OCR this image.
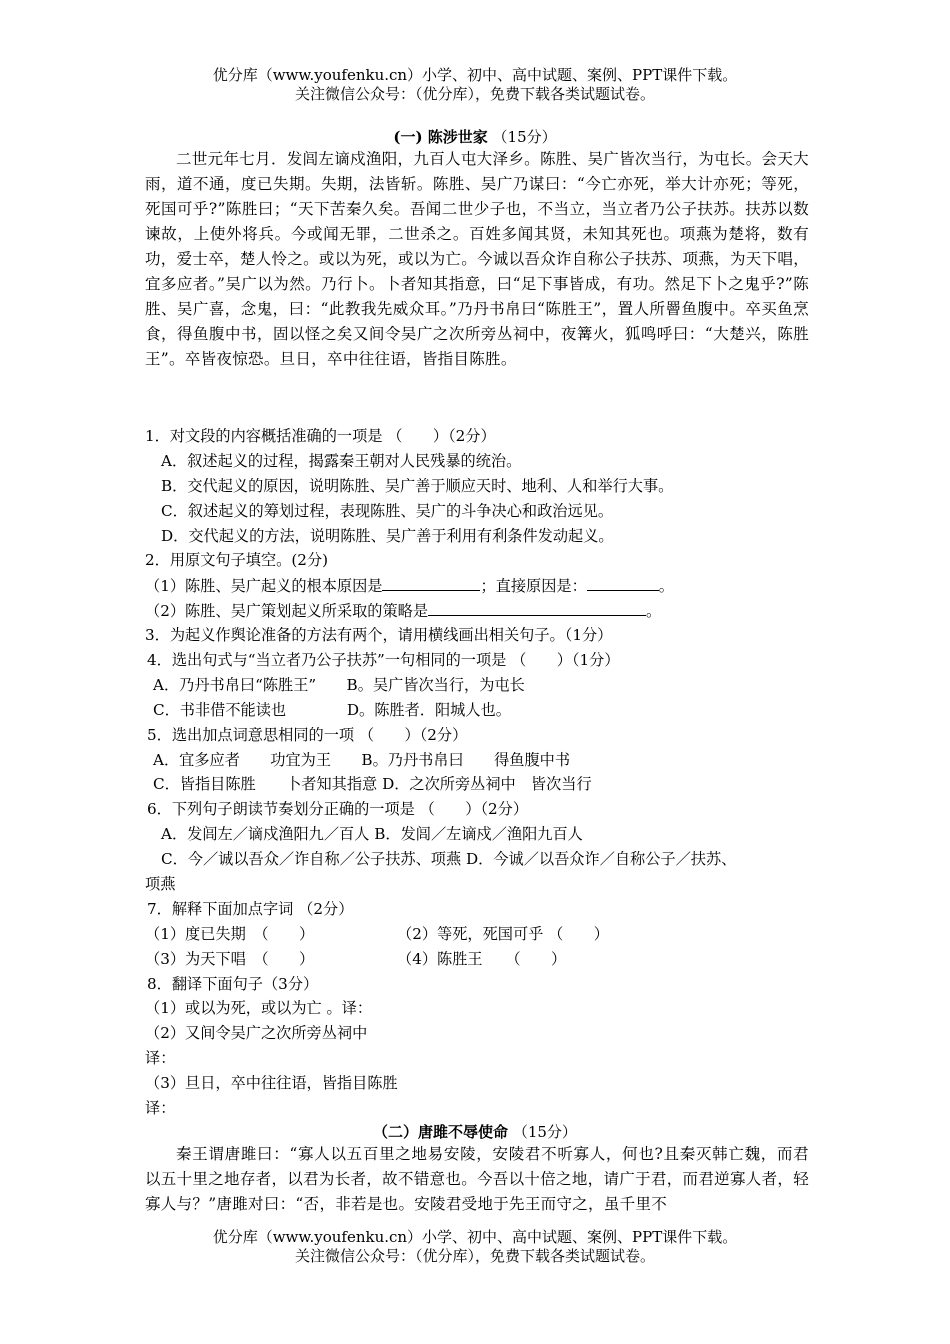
优分库（www.youfenku.cn）小学、初中、高中试题、案例、PPT课件下载。
关注微信公众号：（优分库），免费下载各类试题试卷。
(一) 陈涉世家 （15分）
二世元年七月．发闾左谪戍渔阳，九百人屯大泽乡。陈胜、吴广皆次当行，为屯长。会天大雨，道不通，度已失期。失期，法皆斩。陈胜、吴广乃谋曰：“今亡亦死，举大计亦死；等死，死国可乎?”陈胜曰；“天下苦秦久矣。吾闻二世少子也，不当立，当立者乃公子扶苏。扶苏以数谏故，上使外将兵。今或闻无罪，二世杀之。百姓多闻其贤，未知其死也。项燕为楚将，数有功，爱士卒，楚人怜之。或以为死，或以为亡。今诚以吾众诈自称公子扶苏、项燕，为天下唱，宜多应者。”吴广以为然。乃行卜。卜者知其指意，曰“足下事皆成，有功。然足下卜之鬼乎?”陈胜、吴广喜，念鬼，曰：“此教我先威众耳。”乃丹书帛曰“陈胜王”，置人所罾鱼腹中。卒买鱼烹食，得鱼腹中书，固以怪之矣又间令吴广之次所旁丛祠中，夜篝火，狐鸣呼曰：“大楚兴，陈胜王”。卒皆夜惊恐。旦日，卒中往往语，皆指目陈胜。
1．对文段的内容概括准确的一项是 （　　）（2分）
A．叙述起义的过程，揭露秦王朝对人民残暴的统治。
B．交代起义的原因，说明陈胜、吴广善于顺应天时、地利、人和举行大事。
C．叙述起义的筹划过程，表现陈胜、吴广的斗争决心和政治远见。
D．交代起义的方法，说明陈胜、吴广善于利用有利条件发动起义。
2．用原文句子填空。(2分)
（1）陈胜、吴广起义的根本原因是	；直接原因是：	。
（2）陈胜、吴广策划起义所采取的策略是	。
3．为起义作舆论准备的方法有两个，请用横线画出相关句子。（1分）
4．选出句式与“当立者乃公子扶苏”一句相同的一项是 （　　）（1分）
A．乃丹书帛曰“陈胜王”　　B。吴广皆次当行，为屯长
C．书非借不能读也　　　　D。陈胜者．阳城人也。
5．选出加点词意思相同的一项 （　　）（2分）
A．宜多应者　　功宜为王　　B。乃丹书帛曰　　得鱼腹中书
C．皆指目陈胜　　卜者知其指意 D．之次所旁丛祠中　皆次当行
6．下列句子朗读节奏划分正确的一项是 （　　）（2分）
A．发闾左／谪戍渔阳九／百人 B．发闾／左谪戍／渔阳九百人
C．今／诚以吾众／诈自称／公子扶苏、项燕 D．今诚／以吾众诈／自称公子／扶苏、
项燕
7．解释下面加点字词 （2分）
（1）度已失期　（　　）	（2）等死，死国可乎 （　　）
（3）为天下唱　（　　）	（4）陈胜王　　（　　）
8．翻译下面句子（3分）
（1）或以为死，或以为亡 。译：
（2）又间令吴广之次所旁丛祠中
译：
（3）旦日，卒中往往语，皆指目陈胜
译：
（二）唐雎不辱使命 （15分）
秦王谓唐雎曰：“寡人以五百里之地易安陵，安陵君不听寡人，何也?且秦灭韩亡魏，而君以五十里之地存者，以君为长者，故不错意也。今吾以十倍之地，请广于君，而君逆寡人者，轻寡人与？”唐雎对曰：“否，非若是也。安陵君受地于先王而守之，虽千里不
优分库（www.youfenku.cn）小学、初中、高中试题、案例、PPT课件下载。
关注微信公众号：（优分库），免费下载各类试题试卷。
